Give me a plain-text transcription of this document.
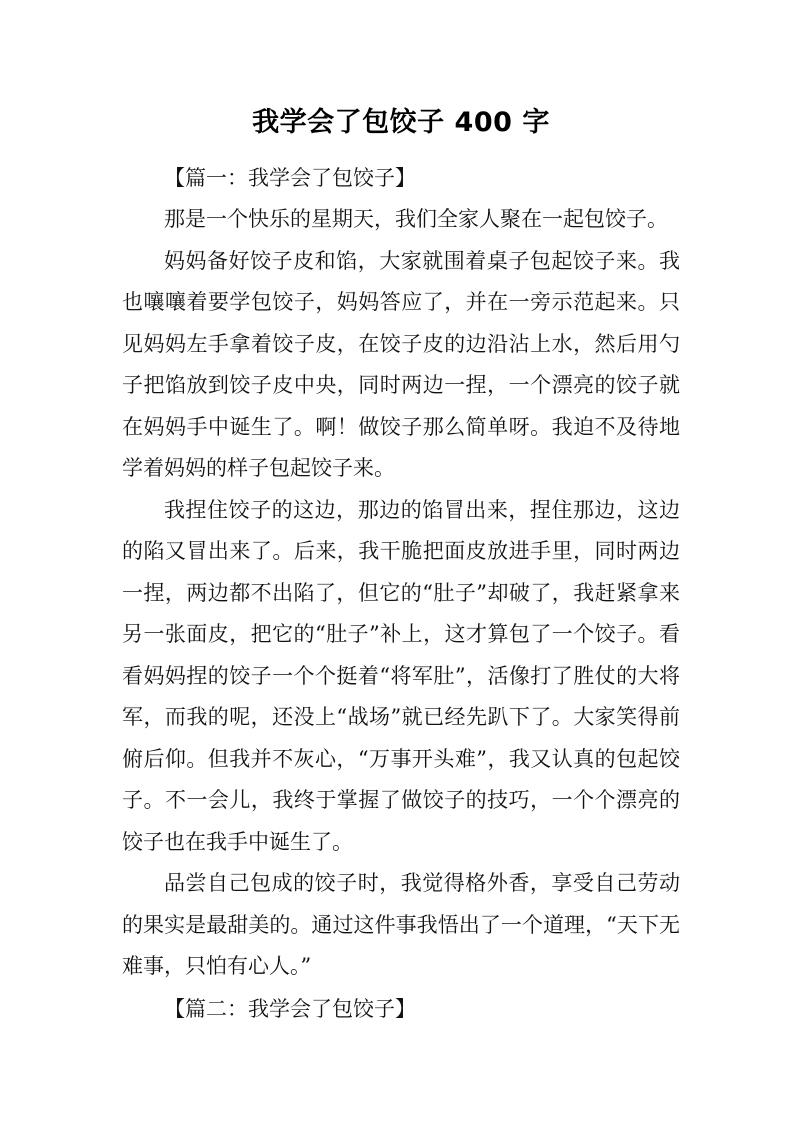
我学会了包饺子 400 字
【篇一：我学会了包饺子】

那是一个快乐的星期天，我们全家人聚在一起包饺子。

妈妈备好饺子皮和馅，大家就围着桌子包起饺子来。我也嚷嚷着要学包饺子，妈妈答应了，并在一旁示范起来。只见妈妈左手拿着饺子皮，在饺子皮的边沿沾上水，然后用勺子把馅放到饺子皮中央，同时两边一捏，一个漂亮的饺子就在妈妈手中诞生了。啊！做饺子那么简单呀。我迫不及待地学着妈妈的样子包起饺子来。

我捏住饺子的这边，那边的馅冒出来，捏住那边，这边的陷又冒出来了。后来，我干脆把面皮放进手里，同时两边一捏，两边都不出陷了，但它的“肚子”却破了，我赶紧拿来另一张面皮，把它的“肚子”补上，这才算包了一个饺子。看看妈妈捏的饺子一个个挺着“将军肚”，活像打了胜仗的大将军，而我的呢，还没上“战场”就已经先趴下了。大家笑得前俯后仰。但我并不灰心，“万事开头难”，我又认真的包起饺子。不一会儿，我终于掌握了做饺子的技巧，一个个漂亮的饺子也在我手中诞生了。

品尝自己包成的饺子时，我觉得格外香，享受自己劳动的果实是最甜美的。通过这件事我悟出了一个道理，“天下无难事，只怕有心人。”

【篇二：我学会了包饺子】
